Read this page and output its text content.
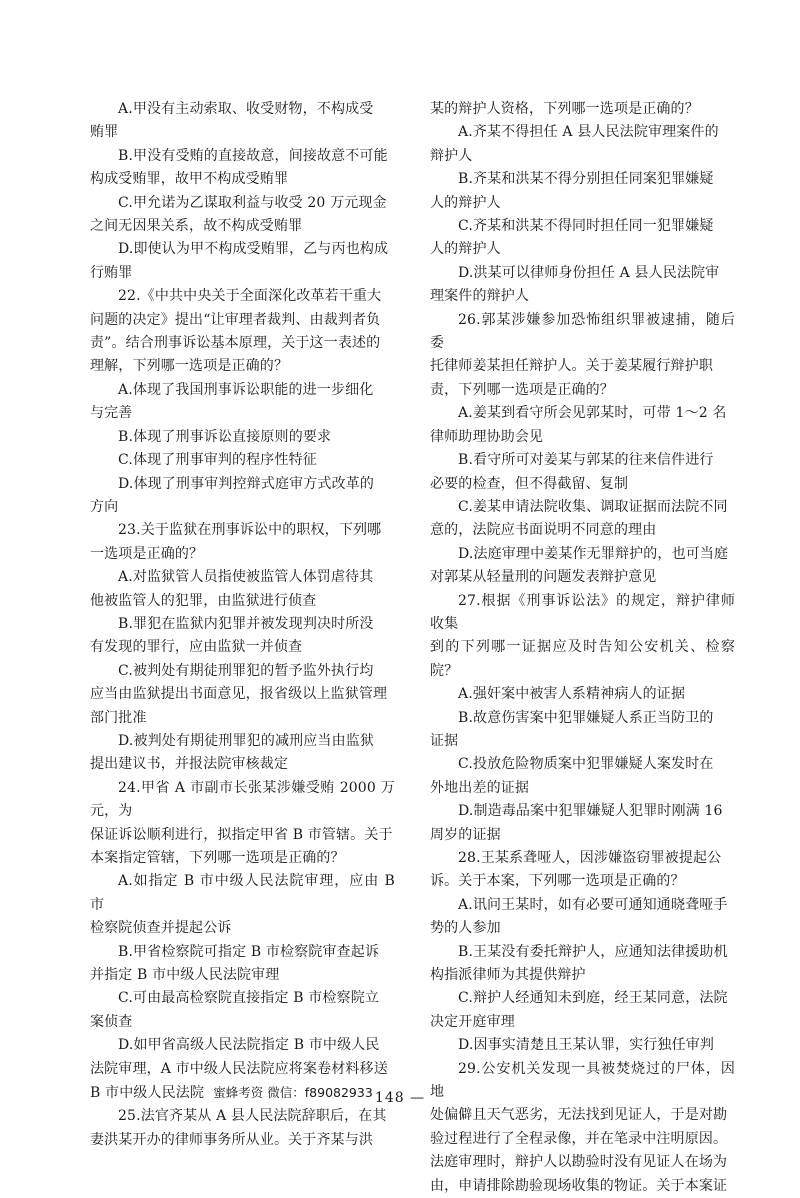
A.甲没有主动索取、收受财物，不构成受

贿罪

B.甲没有受贿的直接故意，间接故意不可能

构成受贿罪，故甲不构成受贿罪

C.甲允诺为乙谋取利益与收受 20 万元现金

之间无因果关系，故不构成受贿罪

D.即使认为甲不构成受贿罪，乙与丙也构成

行贿罪

22.《中共中央关于全面深化改革若干重大

问题的决定》提出“让审理者裁判、由裁判者负

责”。结合刑事诉讼基本原理，关于这一表述的

理解，下列哪一选项是正确的？

A.体现了我国刑事诉讼职能的进一步细化

与完善

B.体现了刑事诉讼直接原则的要求

C.体现了刑事审判的程序性特征

D.体现了刑事审判控辩式庭审方式改革的

方向

23.关于监狱在刑事诉讼中的职权，下列哪

一选项是正确的？

A.对监狱管人员指使被监管人体罚虐待其

他被监管人的犯罪，由监狱进行侦查

B.罪犯在监狱内犯罪并被发现判决时所没

有发现的罪行，应由监狱一并侦查

C.被判处有期徒刑罪犯的暂予监外执行均

应当由监狱提出书面意见，报省级以上监狱管理

部门批准

D.被判处有期徒刑罪犯的减刑应当由监狱

提出建议书，并报法院审核裁定

24.甲省 A 市副市长张某涉嫌受贿 2000 万元，为

保证诉讼顺利进行，拟指定甲省 B 市管辖。关于

本案指定管辖，下列哪一选项是正确的？

A.如指定 B 市中级人民法院审理，应由 B 市

检察院侦查并提起公诉

B.甲省检察院可指定 B 市检察院审查起诉

并指定 B 市中级人民法院审理

C.可由最高检察院直接指定 B 市检察院立

案侦查

D.如甲省高级人民法院指定 B 市中级人民

法院审理，A 市中级人民法院应将案卷材料移送

B 市中级人民法院 蜜蜂考资 微信：f89082933

25.法官齐某从 A 县人民法院辞职后，在其

妻洪某开办的律师事务所从业。关于齐某与洪

某的辩护人资格，下列哪一选项是正确的？

A.齐某不得担任 A 县人民法院审理案件的

辩护人

B.齐某和洪某不得分别担任同案犯罪嫌疑

人的辩护人

C.齐某和洪某不得同时担任同一犯罪嫌疑

人的辩护人

D.洪某可以律师身份担任 A 县人民法院审

理案件的辩护人

26.郭某涉嫌参加恐怖组织罪被逮捕，随后委

托律师姜某担任辩护人。关于姜某履行辩护职

责，下列哪一选项是正确的？

A.姜某到看守所会见郭某时，可带 1～2 名

律师助理协助会见

B.看守所可对姜某与郭某的往来信件进行

必要的检查，但不得截留、复制

C.姜某申请法院收集、调取证据而法院不同

意的，法院应书面说明不同意的理由

D.法庭审理中姜某作无罪辩护的，也可当庭

对郭某从轻量刑的问题发表辩护意见

27.根据《刑事诉讼法》的规定，辩护律师收集

到的下列哪一证据应及时告知公安机关、检察院？

A.强奸案中被害人系精神病人的证据

B.故意伤害案中犯罪嫌疑人系正当防卫的

证据

C.投放危险物质案中犯罪嫌疑人案发时在

外地出差的证据

D.制造毒品案中犯罪嫌疑人犯罪时刚满 16

周岁的证据

28.王某系聋哑人，因涉嫌盗窃罪被提起公

诉。关于本案，下列哪一选项是正确的？

A.讯问王某时，如有必要可通知通晓聋哑手

势的人参加

B.王某没有委托辩护人，应通知法律援助机

构指派律师为其提供辩护

C.辩护人经通知未到庭，经王某同意，法院

决定开庭审理

D.因事实清楚且王某认罪，实行独任审判

29.公安机关发现一具被焚烧过的尸体，因地

处偏僻且天气恶劣，无法找到见证人，于是对勘

验过程进行了全程录像，并在笔录中注明原因。

法庭审理时，辩护人以勘验时没有见证人在场为

由，申请排除勘验现场收集的物证。关于本案证

148 —
